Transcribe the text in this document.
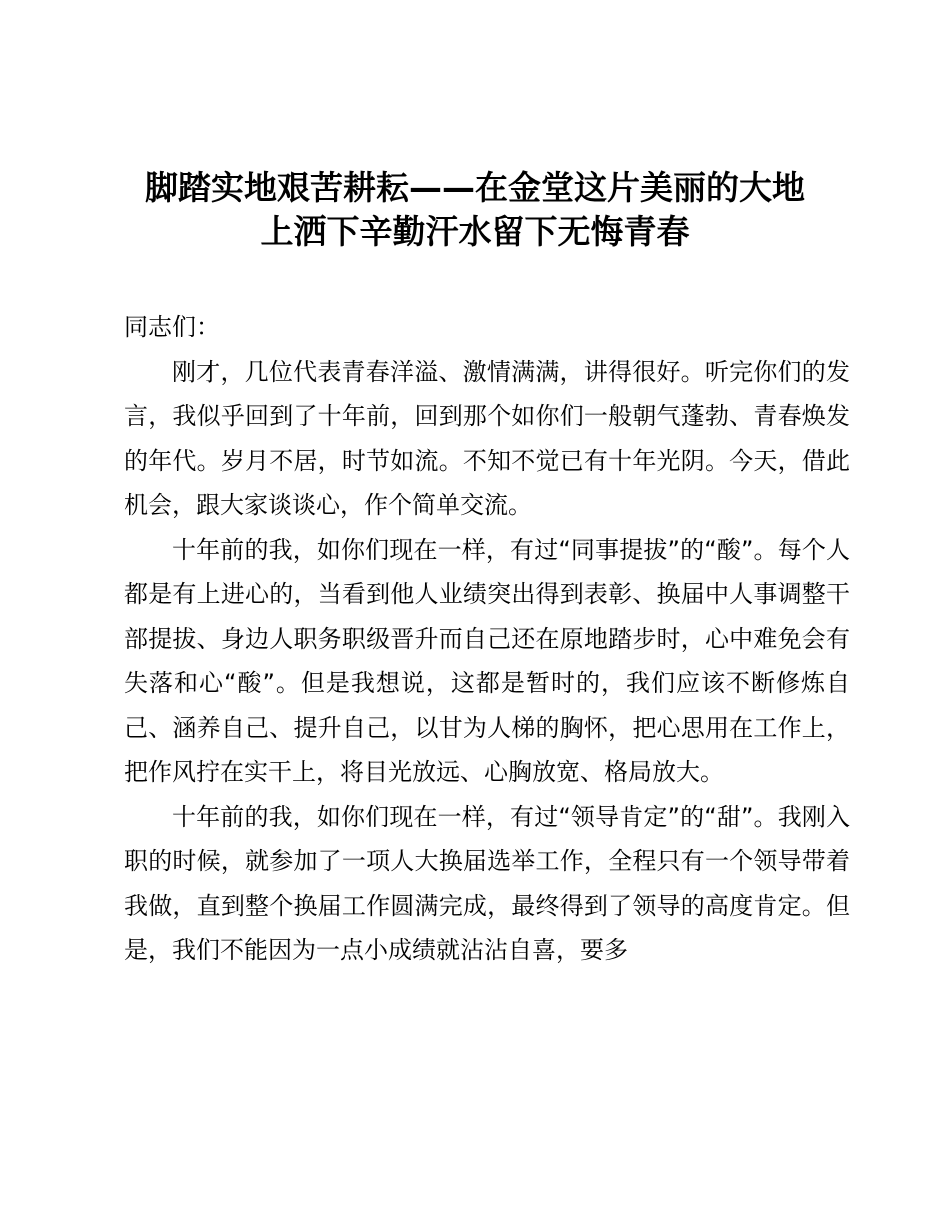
脚踏实地艰苦耕耘——在金堂这片美丽的大地
上洒下辛勤汗水留下无悔青春

同志们：

刚才，几位代表青春洋溢、激情满满，讲得很好。听完你们的发言，我似乎回到了十年前，回到那个如你们一般朝气蓬勃、青春焕发的年代。岁月不居，时节如流。不知不觉已有十年光阴。今天，借此机会，跟大家谈谈心，作个简单交流。

十年前的我，如你们现在一样，有过“同事提拔”的“酸”。每个人都是有上进心的，当看到他人业绩突出得到表彰、换届中人事调整干部提拔、身边人职务职级晋升而自己还在原地踏步时，心中难免会有失落和心“酸”。但是我想说，这都是暂时的，我们应该不断修炼自己、涵养自己、提升自己，以甘为人梯的胸怀，把心思用在工作上，把作风拧在实干上，将目光放远、心胸放宽、格局放大。

十年前的我，如你们现在一样，有过“领导肯定”的“甜”。我刚入职的时候，就参加了一项人大换届选举工作，全程只有一个领导带着我做，直到整个换届工作圆满完成，最终得到了领导的高度肯定。但是，我们不能因为一点小成绩就沾沾自喜，要多
